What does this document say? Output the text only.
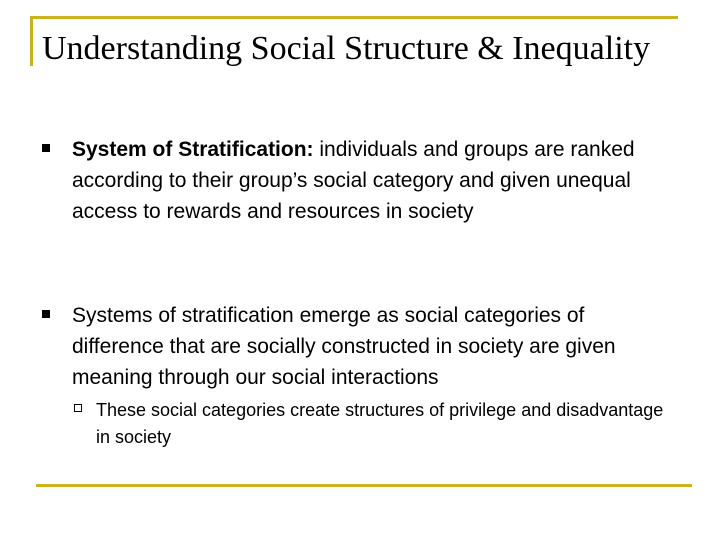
Understanding Social Structure & Inequality
System of Stratification: individuals and groups are ranked according to their group’s social category and given unequal access to rewards and resources in society
Systems of stratification emerge as social categories of difference that are socially constructed in society are given meaning through our social interactions
These social categories create structures of privilege and disadvantage in society
